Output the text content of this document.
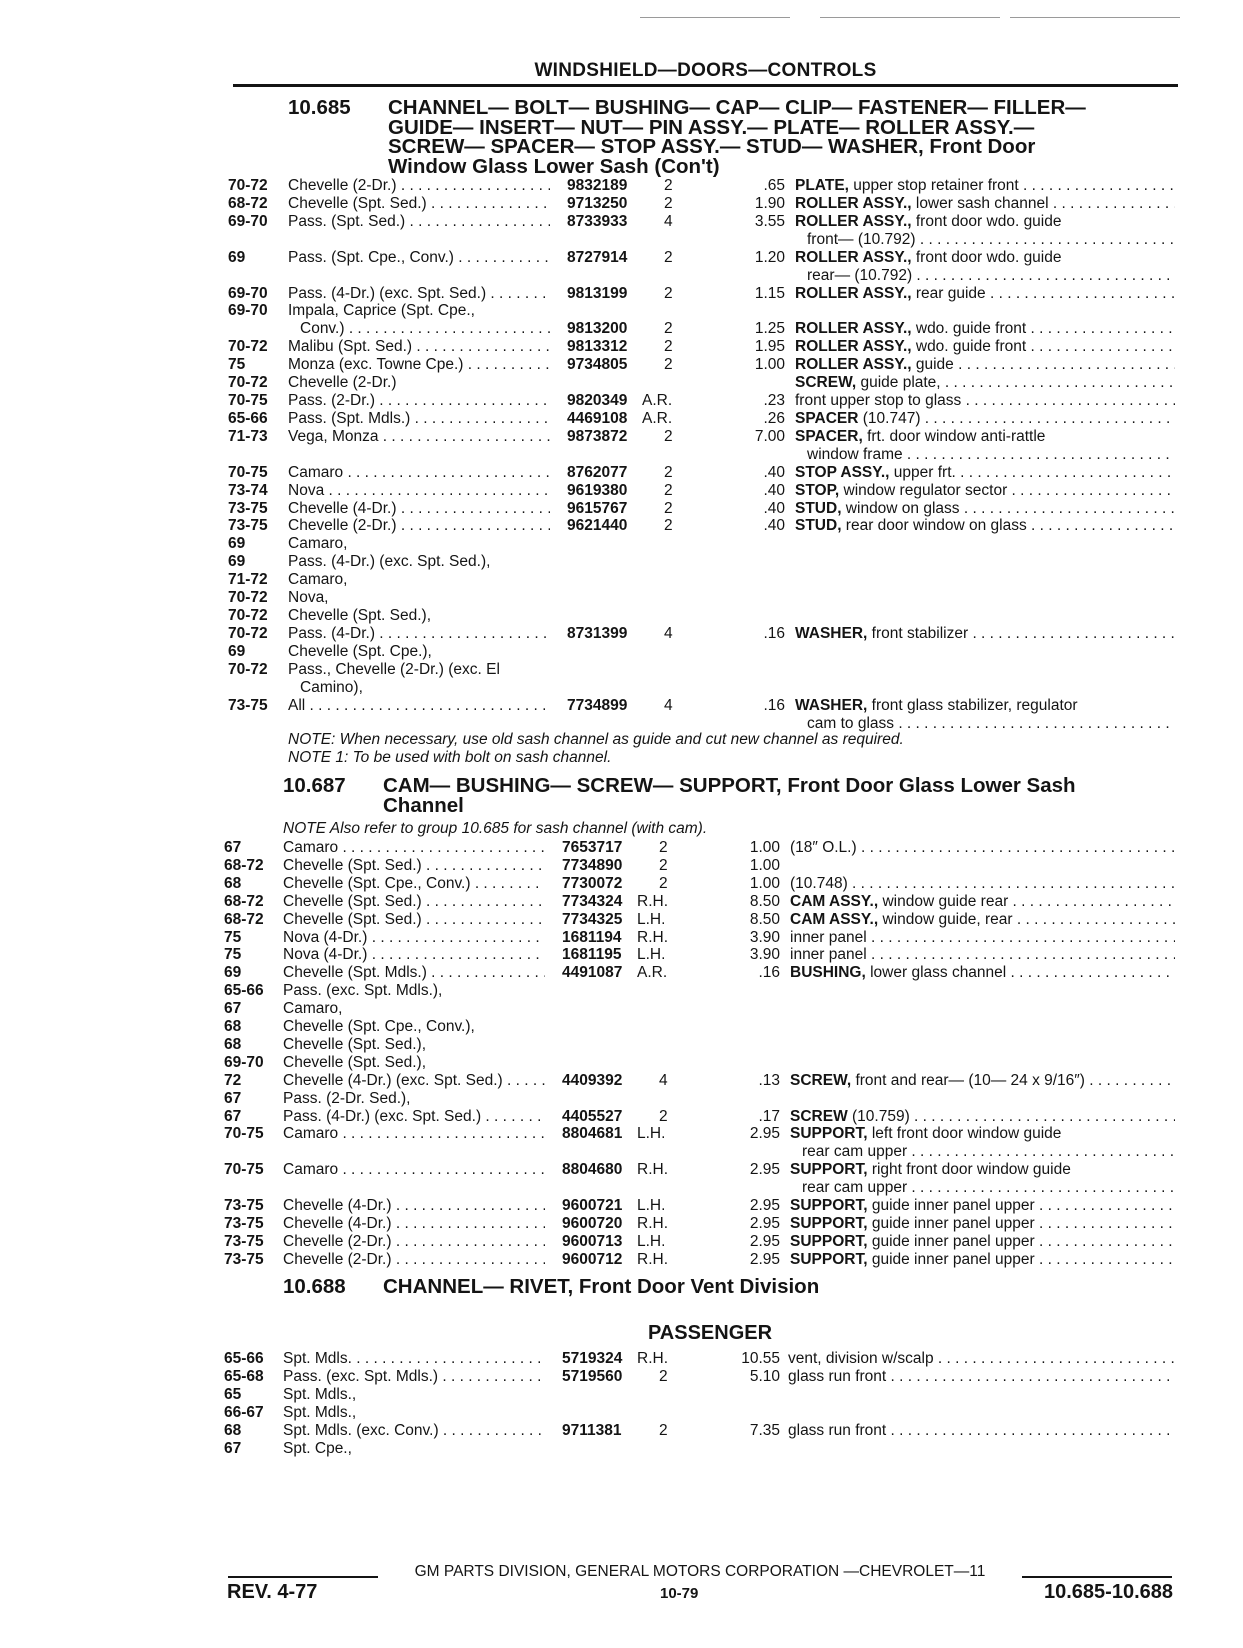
WINDSHIELD—DOORS—CONTROLS
10.685 CHANNEL— BOLT— BUSHING— CAP— CLIP— FASTENER— FILLER—
GUIDE— INSERT— NUT— PIN ASSY.— PLATE— ROLLER ASSY.—
SCREW— SPACER— STOP ASSY.— STUD— WASHER, Front Door
Window Glass Lower Sash (Con't)
70-72 Chevelle (2-Dr.) . . .	9832189 2	.65 PLATE, upper stop retainer front . . .
68-72 Chevelle (Spt. Sed.) . . .	9713250 2	1.90 ROLLER ASSY., lower sash channel . . .
69-70 Pass. (Spt. Sed.) . . .	8733933 4	3.55 ROLLER ASSY., front door wdo. guide
front— (10.792) . . .
69	Pass. (Spt. Cpe., Conv.) . . .	8727914 2	1.20 ROLLER ASSY., front door wdo. guide
rear— (10.792) . . .
69-70 Pass. (4-Dr.) (exc. Spt. Sed.) . . .	9813199 2	1.15 ROLLER ASSY., rear guide . . .
69-70 Impala, Caprice (Spt. Cpe.,
Conv.) . . .	9813200 2	1.25 ROLLER ASSY., wdo. guide front . . .
70-72 Malibu (Spt. Sed.) . . .	9813312 2	1.95 ROLLER ASSY., wdo. guide front . . .
75	Monza (exc. Towne Cpe.) . . .	9734805 2	1.00 ROLLER ASSY., guide . . .
70-72 Chevelle (2-Dr.)	SCREW, guide plate, . . .
70-75 Pass. (2-Dr.) . . .	9820349 A.R.	.23 front upper stop to glass . . .
65-66 Pass. (Spt. Mdls.) . . .	4469108 A.R.	.26 SPACER (10.747) . . .
71-73 Vega, Monza . . .	9873872 2	7.00 SPACER, frt. door window anti-rattle
window frame . . .
70-75 Camaro . . .	8762077 2	.40 STOP ASSY., upper frt. . . .
73-74 Nova . . .	9619380 2	.40 STOP, window regulator sector . . .
73-75 Chevelle (4-Dr.) . . .	9615767 2	.40 STUD, window on glass . . .
73-75 Chevelle (2-Dr.) . . .	9621440 2	.40 STUD, rear door window on glass . . .
69	Camaro,
69	Pass. (4-Dr.) (exc. Spt. Sed.),
71-72 Camaro,
70-72 Nova,
70-72 Chevelle (Spt. Sed.),
70-72 Pass. (4-Dr.) . . .	8731399 4	.16 WASHER, front stabilizer . . .
69	Chevelle (Spt. Cpe.),
70-72 Pass., Chevelle (2-Dr.) (exc. El
Camino),
73-75 All . . .	7734899 4	.16 WASHER, front glass stabilizer, regulator
cam to glass . . .
NOTE: When necessary, use old sash channel as guide and cut new channel as required.
NOTE 1: To be used with bolt on sash channel.
10.687 CAM— BUSHING— SCREW— SUPPORT, Front Door Glass Lower Sash
Channel
NOTE Also refer to group 10.685 for sash channel (with cam).
67	Camaro . . .	7653717 2	1.00 (18″ O.L.) . . .
68-72 Chevelle (Spt. Sed.) . . .	7734890 2	1.00
68	Chevelle (Spt. Cpe., Conv.) . . .	7730072 2	1.00 (10.748) . . .
68-72 Chevelle (Spt. Sed.) . . .	7734324 R.H.	8.50 CAM ASSY., window guide rear . . .
68-72 Chevelle (Spt. Sed.) . . .	7734325 L.H.	8.50 CAM ASSY., window guide, rear . . .
75	Nova (4-Dr.) . . .	1681194 R.H.	3.90 inner panel . . .
75	Nova (4-Dr.) . . .	1681195 L.H.	3.90 inner panel . . .
69	Chevelle (Spt. Mdls.) . . .	4491087 A.R.	.16 BUSHING, lower glass channel . . .
65-66 Pass. (exc. Spt. Mdls.),
67	Camaro,
68	Chevelle (Spt. Cpe., Conv.),
68	Chevelle (Spt. Sed.),
69-70 Chevelle (Spt. Sed.),
72	Chevelle (4-Dr.) (exc. Spt. Sed.) . . .	4409392 4	.13 SCREW, front and rear— (10— 24 x 9/16″) . . .
67	Pass. (2-Dr. Sed.),
67	Pass. (4-Dr.) (exc. Spt. Sed.) . . .	4405527 2	.17 SCREW (10.759) . . .
70-75 Camaro . . .	8804681 L.H.	2.95 SUPPORT, left front door window guide
rear cam upper . . .
70-75 Camaro . . .	8804680 R.H.	2.95 SUPPORT, right front door window guide
rear cam upper . . .
73-75 Chevelle (4-Dr.) . . .	9600721 L.H.	2.95 SUPPORT, guide inner panel upper . . .
73-75 Chevelle (4-Dr.) . . .	9600720 R.H.	2.95 SUPPORT, guide inner panel upper . . .
73-75 Chevelle (2-Dr.) . . .	9600713 L.H.	2.95 SUPPORT, guide inner panel upper . . .
73-75 Chevelle (2-Dr.) . . .	9600712 R.H.	2.95 SUPPORT, guide inner panel upper . . .
10.688 CHANNEL— RIVET, Front Door Vent Division
PASSENGER
65-66 Spt. Mdls. . . .	5719324 R.H.	10.55 vent, division w/scalp . . .
65-68 Pass. (exc. Spt. Mdls.) . . .	5719560 2	5.10 glass run front . . .
65	Spt. Mdls.,
66-67 Spt. Mdls.,
68	Spt. Mdls. (exc. Conv.) . . .	9711381 2	7.35 glass run front . . .
67	Spt. Cpe.,
GM PARTS DIVISION, GENERAL MOTORS CORPORATION —CHEVROLET—11
REV. 4-77	10-79	10.685-10.688
